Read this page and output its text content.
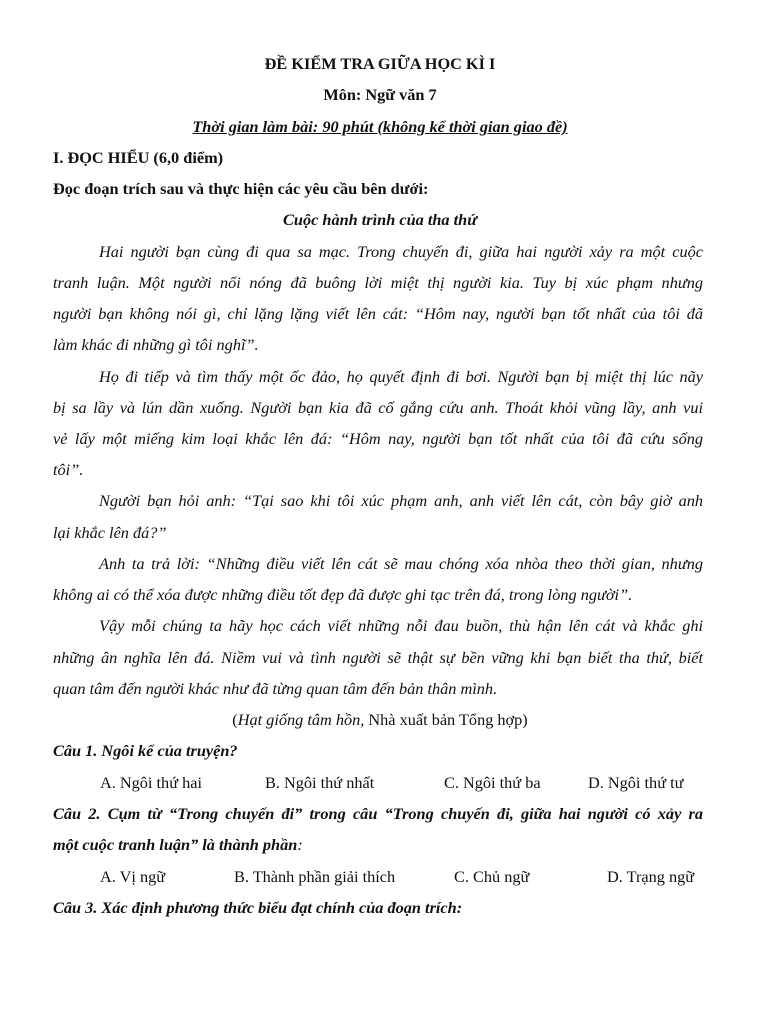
ĐỀ KIỂM TRA GIỮA HỌC KÌ I
Môn: Ngữ văn 7
Thời gian làm bài: 90 phút (không kể thời gian giao đề)
I. ĐỌC HIỂU (6,0 điểm)
Đọc đoạn trích sau và thực hiện các yêu cầu bên dưới:
Cuộc hành trình của tha thứ
Hai người bạn cùng đi qua sa mạc. Trong chuyến đi, giữa hai người xảy ra một cuộc
tranh luận. Một người nổi nóng đã buông lời miệt thị người kia. Tuy bị xúc phạm nhưng
người bạn không nói gì, chỉ lặng lặng viết lên cát: “Hôm nay, người bạn tốt nhất của tôi đã
làm khác đi những gì tôi nghĩ”.
Họ đi tiếp và tìm thấy một ốc đảo, họ quyết định đi bơi. Người bạn bị miệt thị lúc nãy
bị sa lầy và lún dần xuống. Người bạn kia đã cố gắng cứu anh. Thoát khỏi vũng lầy, anh vui
vẻ lấy một miếng kim loại khắc lên đá: “Hôm nay, người bạn tốt nhất của tôi đã cứu sống
tôi”.
Người bạn hỏi anh: “Tại sao khi tôi xúc phạm anh, anh viết lên cát, còn bây giờ anh
lại khắc lên đá?”
Anh ta trả lời: “Những điều viết lên cát sẽ mau chóng xóa nhòa theo thời gian, nhưng
không ai có thể xóa được những điều tốt đẹp đã được ghi tạc trên đá, trong lòng người”.
Vậy mỗi chúng ta hãy học cách viết những nỗi đau buồn, thù hận lên cát và khắc ghi
những ân nghĩa lên đá. Niềm vui và tình người sẽ thật sự bền vững khi bạn biết tha thứ, biết
quan tâm đến người khác như đã từng quan tâm đến bản thân mình.
(Hạt giống tâm hồn, Nhà xuất bản Tổng hợp)
Câu 1. Ngôi kể của truyện?
A. Ngôi thứ hai	B. Ngôi thứ nhất	C. Ngôi thứ ba	D. Ngôi thứ tư
Câu 2. Cụm từ “Trong chuyến đi” trong câu “Trong chuyến đi, giữa hai người có xảy ra
một cuộc tranh luận” là thành phần:
A. Vị ngữ	B. Thành phần giải thích	C. Chủ ngữ	D. Trạng ngữ
Câu 3. Xác định phương thức biểu đạt chính của đoạn trích:
